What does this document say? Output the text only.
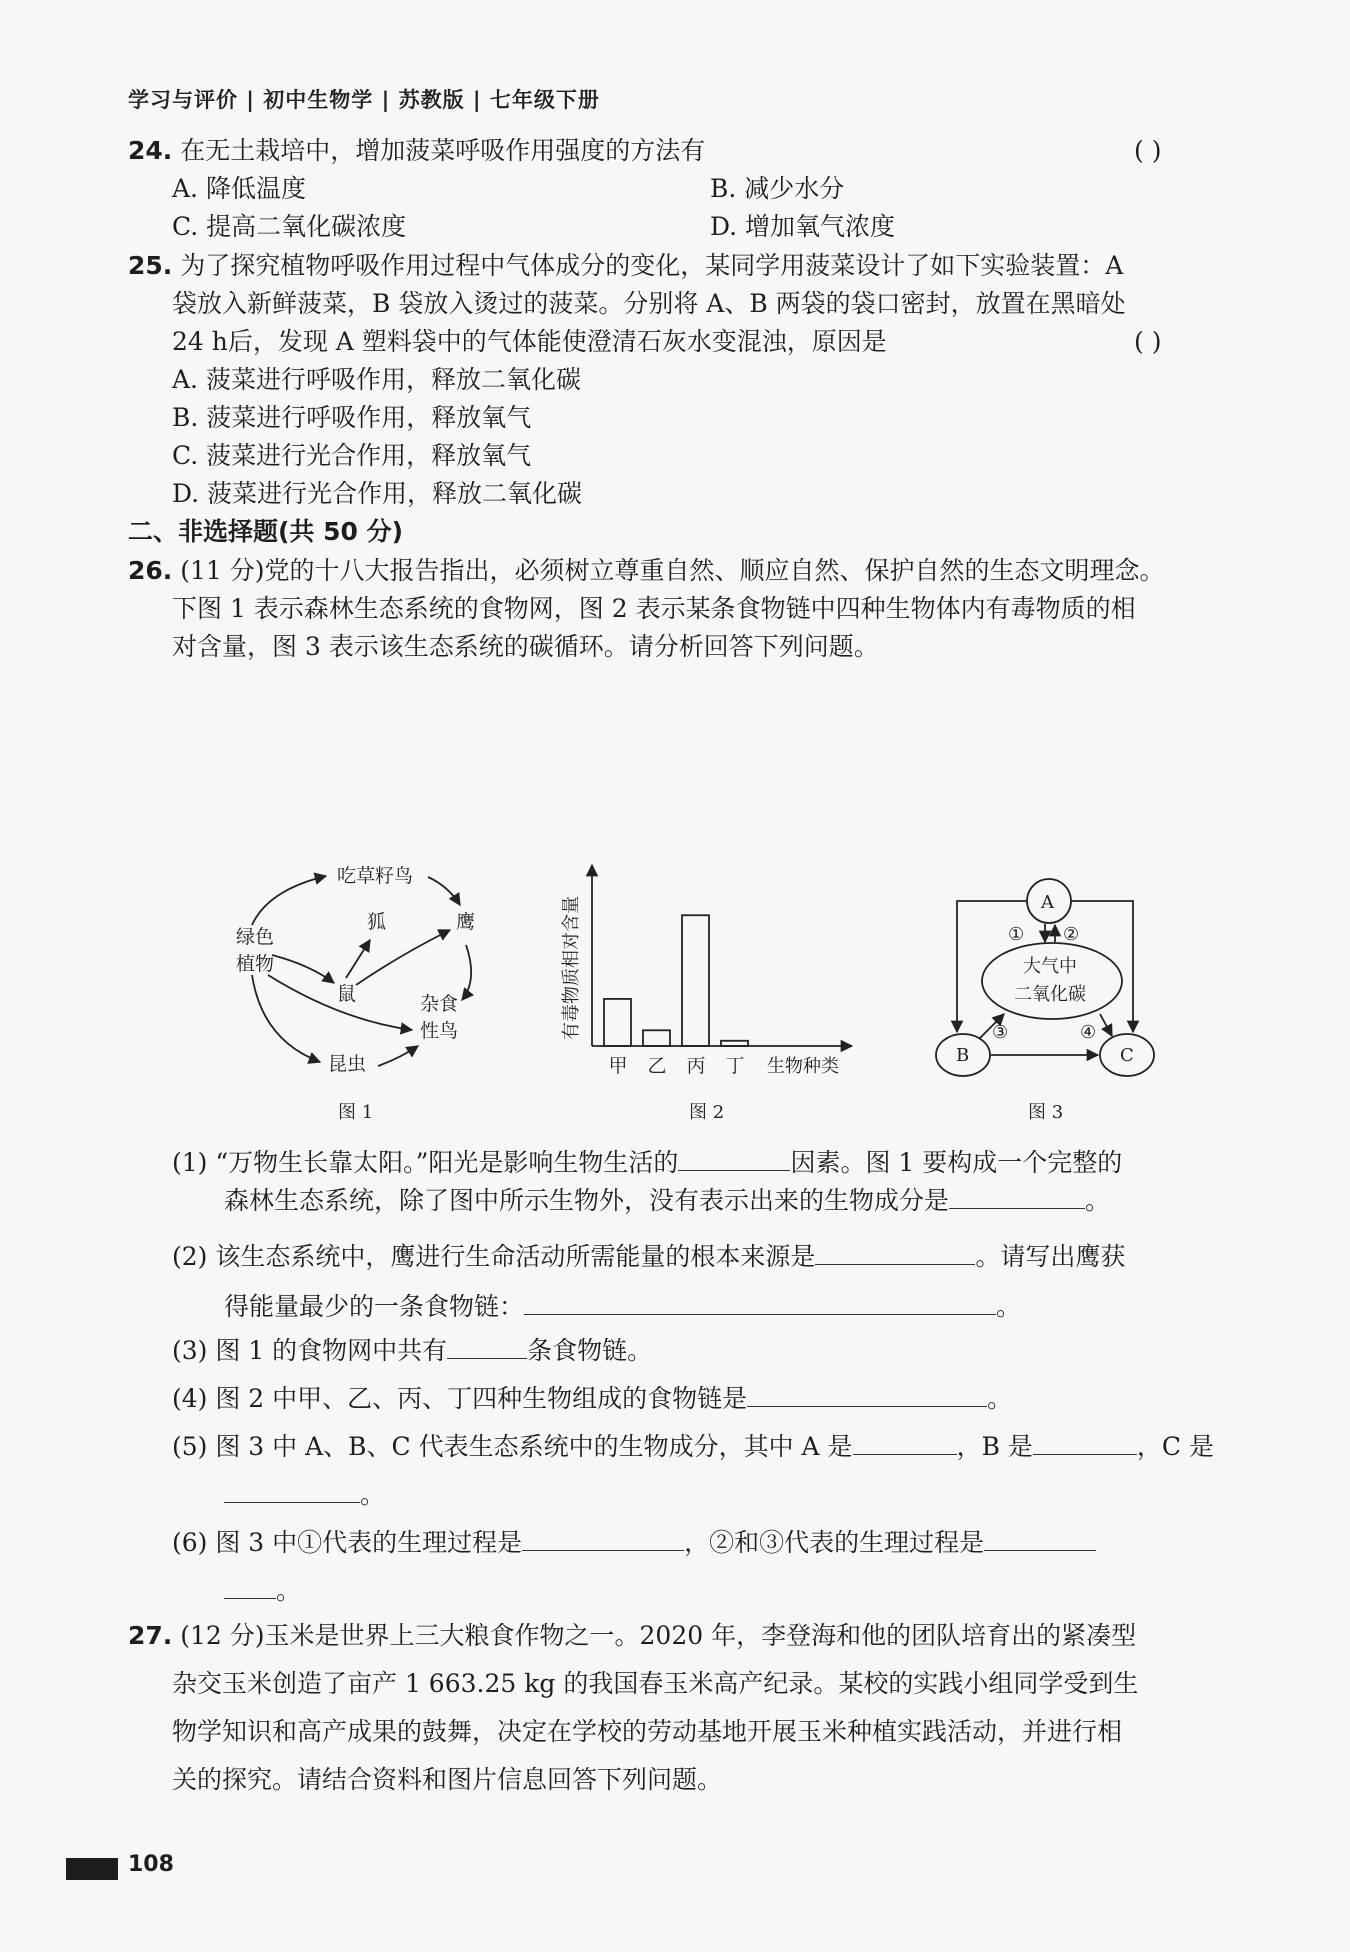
学习与评价 | 初中生物学 | 苏教版 | 七年级下册
24. 在无土栽培中，增加菠菜呼吸作用强度的方法有	( )
A. 降低温度	B. 减少水分
C. 提高二氧化碳浓度	D. 增加氧气浓度
25. 为了探究植物呼吸作用过程中气体成分的变化，某同学用菠菜设计了如下实验装置：A
袋放入新鲜菠菜，B 袋放入烫过的菠菜。分别将 A、B 两袋的袋口密封，放置在黑暗处
24 h后，发现 A 塑料袋中的气体能使澄清石灰水变混浊，原因是	( )
A. 菠菜进行呼吸作用，释放二氧化碳
B. 菠菜进行呼吸作用，释放氧气
C. 菠菜进行光合作用，释放氧气
D. 菠菜进行光合作用，释放二氧化碳
二、非选择题(共 50 分)
26. (11 分)党的十八大报告指出，必须树立尊重自然、顺应自然、保护自然的生态文明理念。
下图 1 表示森林生态系统的食物网，图 2 表示某条食物链中四种生物体内有毒物质的相
对含量，图 3 表示该生态系统的碳循环。请分析回答下列问题。
绿色
植物
吃草籽鸟
狐	鹰
鼠	杂食
性鸟
昆虫
图 1
有毒物质相对含量
生物种类
甲 乙 丙 丁
图 2
A
B	C
大气中
二氧化碳
① ②
③	④
图 3
(1) “万物生长靠太阳。”阳光是影响生物生活的	因素。图 1 要构成一个完整的
森林生态系统，除了图中所示生物外，没有表示出来的生物成分是	。
(2) 该生态系统中，鹰进行生命活动所需能量的根本来源是	。请写出鹰获
得能量最少的一条食物链：	。
(3) 图 1 的食物网中共有	条食物链。
(4) 图 2 中甲、乙、丙、丁四种生物组成的食物链是	。
(5) 图 3 中 A、B、C 代表生态系统中的生物成分，其中 A 是	，B 是	，C 是
。
(6) 图 3 中①代表的生理过程是	，②和③代表的生理过程是
。
27. (12 分)玉米是世界上三大粮食作物之一。2020 年，李登海和他的团队培育出的紧凑型
杂交玉米创造了亩产 1 663.25 kg 的我国春玉米高产纪录。某校的实践小组同学受到生
物学知识和高产成果的鼓舞，决定在学校的劳动基地开展玉米种植实践活动，并进行相
关的探究。请结合资料和图片信息回答下列问题。
108
